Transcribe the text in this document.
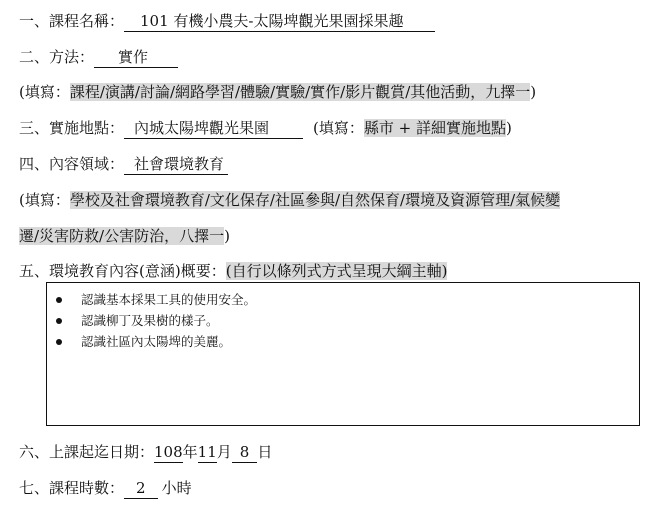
一、課程名稱： 101 有機小農夫-太陽埤觀光果園採果趣
二、方法： 實作
(填寫：課程/演講/討論/網路學習/體驗/實驗/實作/影片觀賞/其他活動，九擇一)
三、實施地點： 內城太陽埤觀光果園	(填寫：縣市 + 詳細實施地點)
四、內容領域： 社會環境教育
(填寫：學校及社會環境教育/文化保存/社區參與/自然保育/環境及資源管理/氣候變
遷/災害防救/公害防治，八擇一)
五、環境教育內容(意涵)概要：(自行以條列式方式呈現大綱主軸)
認識基本採果工具的使用安全。
認識柳丁及果樹的樣子。
認識社區內太陽埤的美麗。
六、上課起迄日期：108年11月 8 日
七、課程時數： 2 小時
